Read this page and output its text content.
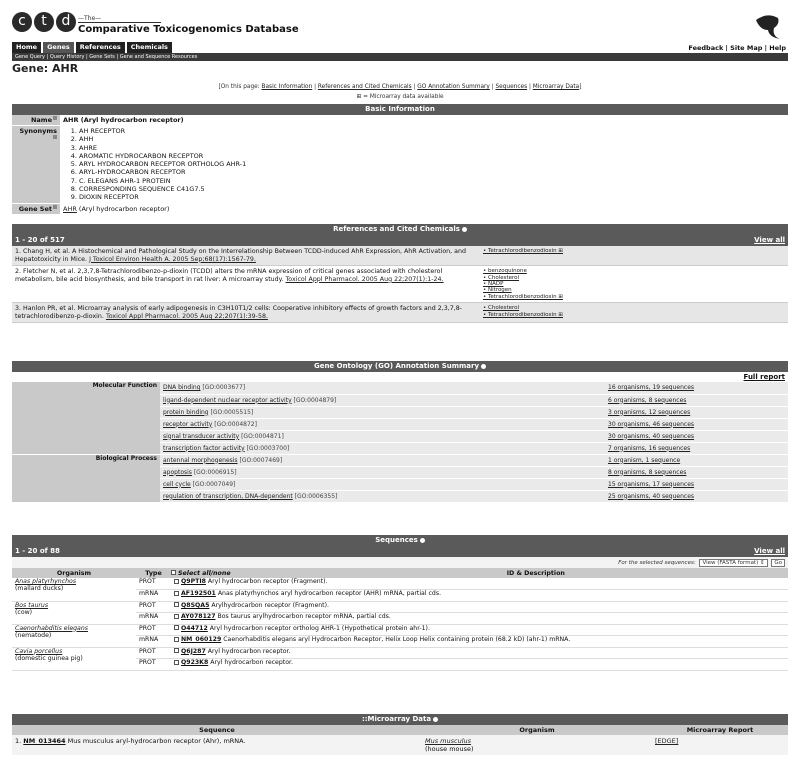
c	t	d	—The—
Comparative Toxicogenomics Database
Home	Genes	References	Chemicals	Feedback | Site Map | Help
Gene Query | Query History | Gene Sets | Gene and Sequence Resources
Gene: AHR
[On this page: Basic Information | References and Cited Chemicals | GO Annotation Summary | Sequences | Microarray Data]
⊞ = Microarray data available
Basic Information
Name	AHR (Aryl hydrocarbon receptor)
Synonyms	1. AH RECEPTOR
2. AHH
3. AHRE
4. AROMATIC HYDROCARBON RECEPTOR
5. ARYL HYDROCARBON RECEPTOR ORTHOLOG AHR-1
6. ARYL-HYDROCARBON RECEPTOR
7. C. ELEGANS AHR-1 PROTEIN
8. CORRESPONDING SEQUENCE C41G7.5
9. DIOXIN RECEPTOR
Gene Set	AHR (Aryl hydrocarbon receptor)
References and Cited Chemicals
1 - 20 of 517	View all
1. Chang H, et al. A Histochemical and Pathological Study on the Interrelationship Between TCDD-induced AhR Expression, AhR Activation, and Hepatotoxicity in Mice. J Toxicol Environ Health A. 2005 Sep;68(17):1567-79.
• Tetrachlorodibenzodioxin ⊞
2. Fletcher N, et al. 2,3,7,8-Tetrachlorodibenzo-p-dioxin (TCDD) alters the mRNA expression of critical genes associated with cholesterol metabolism, bile acid biosynthesis, and bile transport in rat liver: A microarray study. Toxicol Appl Pharmacol. 2005 Aug 22;207(1):1-24.
• benzoquinone
• Cholesterol
• NADP
• Nitrogen
• Tetrachlorodibenzodioxin ⊞
3. Hanlon PR, et al. Microarray analysis of early adipogenesis in C3H10T1/2 cells: Cooperative inhibitory effects of growth factors and 2,3,7,8-tetrachlorodibenzo-p-dioxin. Toxicol Appl Pharmacol. 2005 Aug 22;207(1):39-58.
• Cholesterol
• Tetrachlorodibenzodioxin ⊞
Gene Ontology (GO) Annotation Summary
Full report
Molecular Function	DNA binding [GO:0003677]	16 organisms, 19 sequences
	ligand-dependent nuclear receptor activity [GO:0004879]	6 organisms, 8 sequences
	protein binding [GO:0005515]	3 organisms, 12 sequences
	receptor activity [GO:0004872]	30 organisms, 46 sequences
	signal transducer activity [GO:0004871]	30 organisms, 40 sequences
	transcription factor activity [GO:0003700]	7 organisms, 16 sequences
Biological Process	antennal morphogenesis [GO:0007469]	1 organism, 1 sequence
	apoptosis [GO:0006915]	8 organisms, 8 sequences
	cell cycle [GO:0007049]	15 organisms, 17 sequences
	regulation of transcription, DNA-dependent [GO:0006355]	25 organisms, 40 sequences
Sequences
1 - 20 of 88	View all
For the selected sequences: View (FASTA format) ⇕ Go
Organism	Type	Select all/none	ID & Description
Anas platyrhynchos
(mallard ducks)	PROT	Q9PTI8 Aryl hydrocarbon receptor (Fragment).	
	mRNA	AF192501 Anas platyrhynchos aryl hydrocarbon receptor (AHR) mRNA, partial cds.	
Bos taurus
(cow)	PROT	Q8SQA5 Arylhydrocarbon receptor (Fragment).	
	mRNA	AY078127 Bos taurus arylhydrocarbon receptor mRNA, partial cds.	
Caenorhabditis elegans
(nematode)	PROT	O44712 Aryl hydrocarbon receptor ortholog AHR-1 (Hypothetical protein ahr-1).	
	mRNA	NM_060129 Caenorhabditis elegans aryl Hydrocarbon Receptor, Helix Loop Helix containing protein (68.2 kD) (ahr-1) mRNA.	
Cavia porcellus
(domestic guinea pig)	PROT	Q6J287 Aryl hydrocarbon receptor.	
	PROT	Q923K8 Aryl hydrocarbon receptor.	
::Microarray Data
Sequence	Organism	Microarray Report
1. NM_013464 Mus musculus aryl-hydrocarbon receptor (Ahr), mRNA.	Mus musculus
(house mouse)	[EDGE]
